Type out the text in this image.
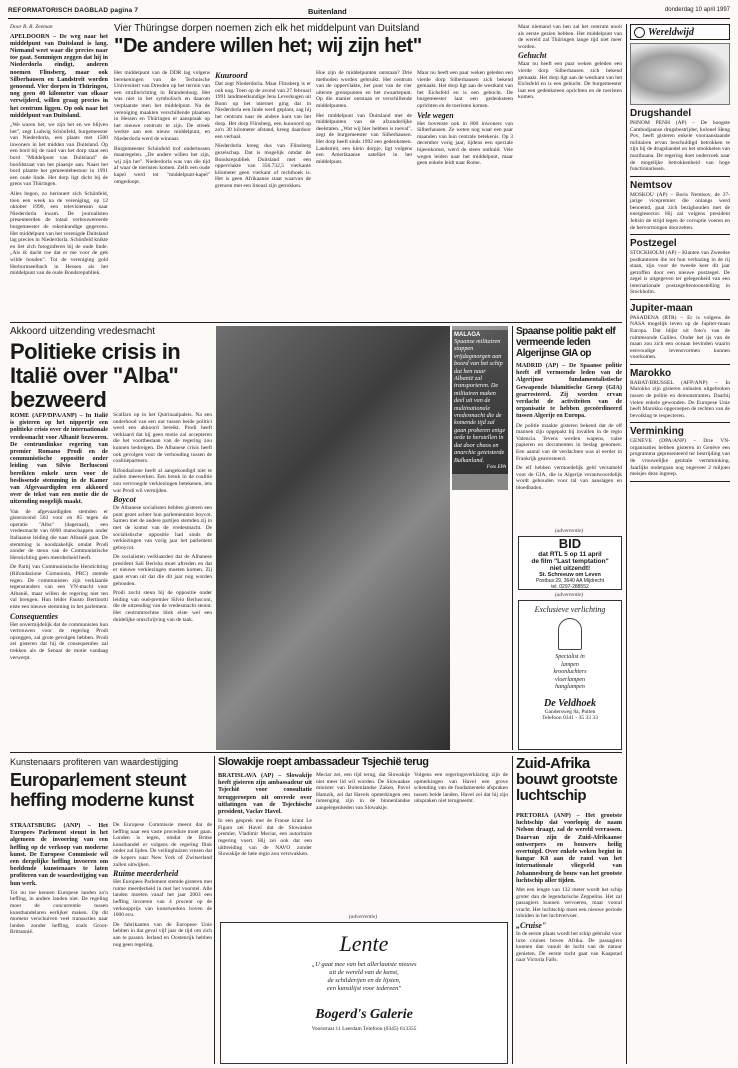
REFORMATORISCH DAGBLAD pagina 7	Buitenland	donderdag 10 april 1997
Wereldwijd
Drugshandel

PHNOM PENH (AP) – De hoogste Cambodjaanse drugsbestrijder, kolonel Heng Pov, heeft gisteren enkele vooraanstaande militairen ervan beschuldigd betrokken te zijn bij de drugshandel en het smokkelen van marihuana. De regering doet onderzoek naar de mogelijke betrokkenheid van hoge functionarissen.

Nemtsov

MOSKOU (AP) – Boris Nemtsov, de 37-jarige vicepremier die onlangs werd benoemd, gaat zich bezighouden met de energiesector. Hij zal volgens president Jeltsin de strijd tegen de corruptie voeren en de hervormingen doorzetten.

Postzegel

STOCKHOLM (AP) – Klanten van Zweedse postkantoren die tot hun verbazing in de rij staan, zijn voor de tweede keer dit jaar getroffen door een nieuwe postzegel. De zegel is uitgegeven ter gelegenheid van een internationale postzegeltentoonstelling in Stockholm.

Jupiter-maan

PASADENA (RTR) – Er is volgens de NASA mogelijk leven op de Jupiter-maan Europa. Dat blijkt uit foto's van de ruimtesonde Galileo. Onder het ijs van de maan zou zich een oceaan bevinden waarin eenvoudige levensvormen kunnen voorkomen.

Marokko

RABAT/BRUSSEL (AFP/ANP) – In Marokko zijn gisteren onlusten uitgebroken tussen de politie en demonstranten. Daarbij vielen enkele gewonden. De Europese Unie heeft Marokko opgeroepen de rechten van de bevolking te respecteren.

Verminking

GENÈVE (DPA/ANP) – Drie VN-organisaties hebben gisteren in Genève een programma gepresenteerd ter bestrijding van de vrouwelijke genitale vermminking. Jaarlijks ondergaan nog ongeveer 2 miljoen meisjes deze ingreep.

Door R. R. Zeeman

APELDOORN – De weg naar het middelpunt van Duitsland is lang. Niemand weet waar die precies naar toe gaat. Sommigen zeggen dat hij in Niederdorla eindigt, anderen noemen Flinsberg, maar ook Silberhausen en Landstreit worden genoemd. Vier dorpen in Thüringen, nog geen 40 kilometer van elkaar verwijderd, willen graag precies in het centrum liggen. Op ook naar het middelpunt van Duitsland.

„We waren het, we zijn het en we blijven het", zegt Ludwig Schönfeld, burgemeester van Niederdorla, een plaats met 1500 inwoners in het midden van Duitsland. Op een bord bij de rand van het dorp staat een bord "Middelpunt van Duitsland" de hoofdstraat van het plaatsje aan. Naast het bord plantte het gemeentebestuur in 1991 een oude linde. Het dorp ligt dicht bij de grens van Thüringen.

Alles begon, zo herinnert zich Schönfeld, toen een week na de vereniging, op 12 oktober 1990, een televisieteam naar Niederdorla kwam. De journalisten presenteerden de totaal verbouwereerde burgemeester de rekenkundige gegevens. Het middelpunt van het verenigde Duitsland lag precies in Niederdorla. Schönfeld knikte en liet zich fotograferen bij de oude linde. „Als ik dacht toe dat er me voor de gek wilde houden". Tot de vereniging gold Herbornseelbach in Hessen als het middelpunt van de oude Bondsrepubliek.

Vier Thüringse dorpen noemen zich elk het middelpunt van Duitsland
"De andere willen het; wij zijn het"

Het middelpunt van de DDR lag volgens berekeningen van de Technische Universiteit van Dresden op het terrein van een strafinrichting in Brandenburg. Het was niet in het symbolisch en daarom verplaatste men het middelpunt. Na de vereniging maakten verschillende plaatsen in Hessen en Thüringen er aanspraak op het nieuwe centrum te zijn. De streek werkte aan een nieuw middelpunt, en Niederdorla werd de winnaar.

Burgemeester Schönfeld trof ondertussen maatregelen. „De andere willen het zijn, wij zijn het". Niederdorla was van die tijd af waar de toeristen komen. Zelfs een oude kapel werd tot "middelpunt-kapel" omgedoopt.

Kuuroord

Dat zegt Niederdorla. Maar Flinsberg is er ook nog. Toen op de avond van 27 februari 1991 landmeetkundige Jens Leverkugen uit Bonn op het internet ging dat in Niederdorla een linde werd geplant, zag hij het centrum naar de andere kant van het dorp. Het dorp Flinsberg, een kuuroord op zo'n 30 kilometer afstand, kreeg daardoor een verhaal.

Niederdorla kreeg dus van Flinsberg gezelschap. Dat is mogelijk omdat de Bondsrepubliek Duitsland met een oppervlakte van 356.732,5 vierkante kilometer geen vierkant of rechthoek is. Het is geen Afrikaanse staat waarvan de grenzen met een lineaal zijn getrokken.

Hoe zijn de middelpunten ontstaan? Drie methoden worden gebruikt. Het centrum van de oppervlakte, het punt van de vier uiterste grenspunten en het zwaartepunt. Op die manier ontstaan er verschillende middelpunten.

Het middelpunt van Duitsland met de middelpunten van de afzonderlijke deelstaten. „Wat wij hier hebben is toeval", zegt de burgemeester van Silberhausen. Het dorp heeft sinds 1992 een gedenksteen. Landstreit, een klein dorpje, ligt volgens een Amerikaanse satelliet in het middelpunt.

Maar nu heeft een paar weken geleden een vierde dorp Silberhausen zich bekend gemaakt. Het dorp ligt aan de westkant van het Eichsfeld en is een gehucht. De burgemeester laat een gedenksteen oprichten en de toeristen komen.

Vele wegen

Het bovenste ook in 800 inwoners van Silberhausen. Ze weten nog waar een paar maanden van hun centrale betekenis. Op 3 december vorig jaar, tijdens een speciale bijeenkomst, werd de steen onthuld. Vele wegen leiden naar het middelpunt, maar geen enkele leidt naar Rome.

Maar niemand van hen zal het centrum nooit als eerste gezien hebben. Het middelpunt van de wereld zal Thüringen lange tijd niet meer worden.

Gehucht

Maar nu heeft een paar weken geleden een vierde dorp Silberhausen zich bekend gemaakt. Het dorp ligt aan de westkant van het Eichsfeld en is een gehucht. De burgemeester laat een gedenksteen oprichten en de toeristen komen.

Akkoord uitzending vredesmacht
Politieke crisis in Italië over "Alba" bezweerd

ROME (AFP/DPA/ANP) – In Italië is gisteren op het nippertje een politieke crisis over de internationale vredesmacht voor Albanië bezworen. De centrumlinkse regering van premier Romano Prodi en de communistische oppositie onder leiding van Silvio Berlusconi bereikten enkele uren voor de beslissende stemming in de Kamer van Afgevaardigden een akkoord over de tekst van een motie die de uitzending mogelijk maakt.

Van de afgevaardigden stemden er gisteravond 503 voor en 85 tegen de operatie "Alba" (dageraad), een vredesmacht van 6000 manschappen onder Italiaanse leiding die naar Albanië gaat. De stemming is noodzakelijk omdat Prodi zonder de steun van de Communistische Herstichting geen meerderheid heeft.

De Partij van Communistische Herstichting (Rifondazione Comunista, PRC) stemde tegen. De communisten zijn verklaarde tegenstanders van een VN-macht voor Albanië, maar willen de regering niet ten val brengen. Hun leider Fausto Bertinotti eiste een nieuwe stemming in het parlement.

Consequenties

Het onvermijdelijk dat de communisten hun vertrouwen voor de regering Prodi opzeggen, zal grote gevolgen hebben. Prodi zei gisteren dat hij de consequenties zal trekken als de Senaat de motie vandaag verwerpt.

Scalfaro op in het Quirinaalpaleis. Na een onderhoud van een uur tussen beide politici werd een akkoord bereikt. Prodi heeft verklaard dat hij geen motie zal accepteren die het voortbestaan van de regering zou kunnen bedreigen. De Albanese crisis heeft ook gevolgen voor de verhouding tussen de coalitiepartners.

Rifondazione heeft al aangekondigd niet te zullen meewerken. Een breuk in de coalitie zou vervroegde verkiezingen betekenen, iets wat Prodi wil vermijden.

Boycot

De Albanese socialisten hebben gisteren een punt gezet achter hun parlementaire boycot. Samen met de andere partijen stemden zij in met de komst van de vredesmacht. De socialistische oppositie had sinds de verkiezingen van vorig jaar het parlement geboycot.

De socialisten verklaarden dat de Albanese president Sali Berisha moet aftreden en dat er nieuwe verkiezingen moeten komen. Zij gaan ervan uit dat die dit jaar nog worden gehouden.

Prodi zocht steun bij de oppositie onder leiding van oud-premier Silvio Berlusconi, die de uitzending van de vredesmacht steunt. Het centrumrechtse blok eiste wel een duidelijke omschrijving van de taak.

MALAGA
Spaanse militairen stappen vrijdagmorgen aan boord van het schip dat hen naar Albanië zal transporteren. De militairen maken deel uit van de multinationale vredesmacht die de komende tijd zal gaan proberen enige orde te herstellen in dat door chaos en anarchie geteisterde Balkanland.
Foto EPA
Spaanse politie pakt elf vermeende leden Algerijnse GIA op

MADRID (AP) – De Spaanse politie heeft elf vermeende leden van de Algerijnse fundamentalistische Gewapende Islamitische Groep (GIA) gearresteerd. Zij worden ervan verdacht de activiteiten van de organisatie te hebben gecoördineerd tussen Algerije en Europa.

De politie maakte gisteren bekend dat de elf mannen zijn opgepakt bij invallen in de regio Valencia. Tevens werden wapens, valse papieren en documenten in beslag genomen. Een aantal van de verdachten was al eerder in Frankrijk gearresteerd.

De elf hebben vermoedelijk geld verzameld voor de GIA, die in Algerije verantwoordelijk wordt gehouden voor tal van aanslagen en bloedbaden.

(advertentie)
BID
dat RTL 5 op 11 april
de film "Last temptation"
niet uitzendt!
St. Schreeuw om Leven
Postbus 29, 3640 AA Mijdrecht
tel. 0297-288552
(advertentie)
Exclusieve verlichting
Specialist in
lampen
kroonluchters
vloerlampen
hanglampen
De Veldhoek
Gandersweg 8a, Putten
Telefoon 0341 - 35 33 33
Kunstenaars profiteren van waardestijging
Europarlement steunt heffing moderne kunst

STRAATSBURG (ANP) – Het Europees Parlement steunt in het algemeen de invoering van een heffing op de verkoop van moderne kunst. De Europese Commissie wil een dergelijke heffing invoeren om beeldende kunstenaars te laten profiteren van de waardestijging van hun werk.

Tot nu toe kennen Europese landen zo'n heffing, in andere landen niet. De regeling moet de concurrentie tussen kunsthandelaren eerlijker maken. Op dit moment verschuiven veel transacties naar landen zonder heffing, zoals Groot-Brittannië.

De Europese Commissie meent dat de heffing naar een vaste procedure moet gaan. Londen is tegen, omdat de Britse kunsthandel er volgens de regering flink onder zal lijden. De veilinghuizen vrezen dat de kopers naar New York of Zwitserland zullen uitwijken.

Ruime meerderheid

Het Europees Parlement stemde gisteren met ruime meerderheid in met het voorstel. Alle landen moeten vanaf het jaar 2003 een heffing invoeren van 4 procent op de verkoopprijs van kunstwerken boven de 1000 ecu.

De fabrikanten van de Europese Unie hebben in dat geval vijf jaar de tijd om zich aan te passen. Ierland en Oostenrijk hebben nog geen regeling.

Slowakije roept ambassadeur Tsjechië terug

BRATISLAVA (AP) – Slowakije heeft gisteren zijn ambassadeur uit Tsjechië voor consultatie teruggeroepen uit onvrede over uitlatingen van de Tsjechische president, Vaclav Havel.

In een gesprek met de Franse krant Le Figaro zei Havel dat de Slowaakse premier, Vladimir Meciar, een autoritaire regering voert. Hij zei ook dat een uitbreiding van de NAVO zonder Slowakije de hele regio zou verzwakken.

Meciar zei, een tijd terug, dat Slowakije niet meer lid wil worden. De Slowaakse minister van Buitenlandse Zaken, Pavol Hamzík, zei dat Havels opmerkingen een inmenging zijn in de binnenlandse aangelegenheden van Slowakije.

Volgens een regeringsverklaring zijn de opmerkingen van Havel een grove schending van de fundamentele afspraken tussen beide landen. Havel zei dat hij zijn uitspraken niet terugneemt.

(advertentie)
Lente
„U gaat mee van het allerlaatste nieuws
uit de wereld van de kunst,
de schilderijen en de lijsten,
een kunstlijst voor iedereen"
Bogerd's Galerie
Voorstraat 11 Leerdam Telefoon (0345) 613355
Zuid-Afrika bouwt grootste luchtschip

PRETORIA (ANP) – Het grootste luchtschip dat voorlopig de naam Nelson draagt, zal de wereld verrassen. Daarvan zijn de Zuid-Afrikaanse ontwerpers en bouwers heilig overtuigd. Over enkele weken begint in hangar K8 aan de rand van het internationale vliegveld van Johannesburg de bouw van het grootste luchtschip aller tijden.

Met een lengte van 132 meter wordt het schip groter dan de legendarische Zeppelins. Het zal passagiers kunnen vervoeren, maar vooral vracht. Het luchtschip moet een nieuwe periode inluiden in het luchtvervoer.

„Cruise"

In de eerste plaats wordt het schip gebruikt voor luxe cruises boven Afrika. De passagiers kunnen dan vanuit de lucht van de natuur genieten. De eerste tocht gaat van Kaapstad naar Victoria Falls.
